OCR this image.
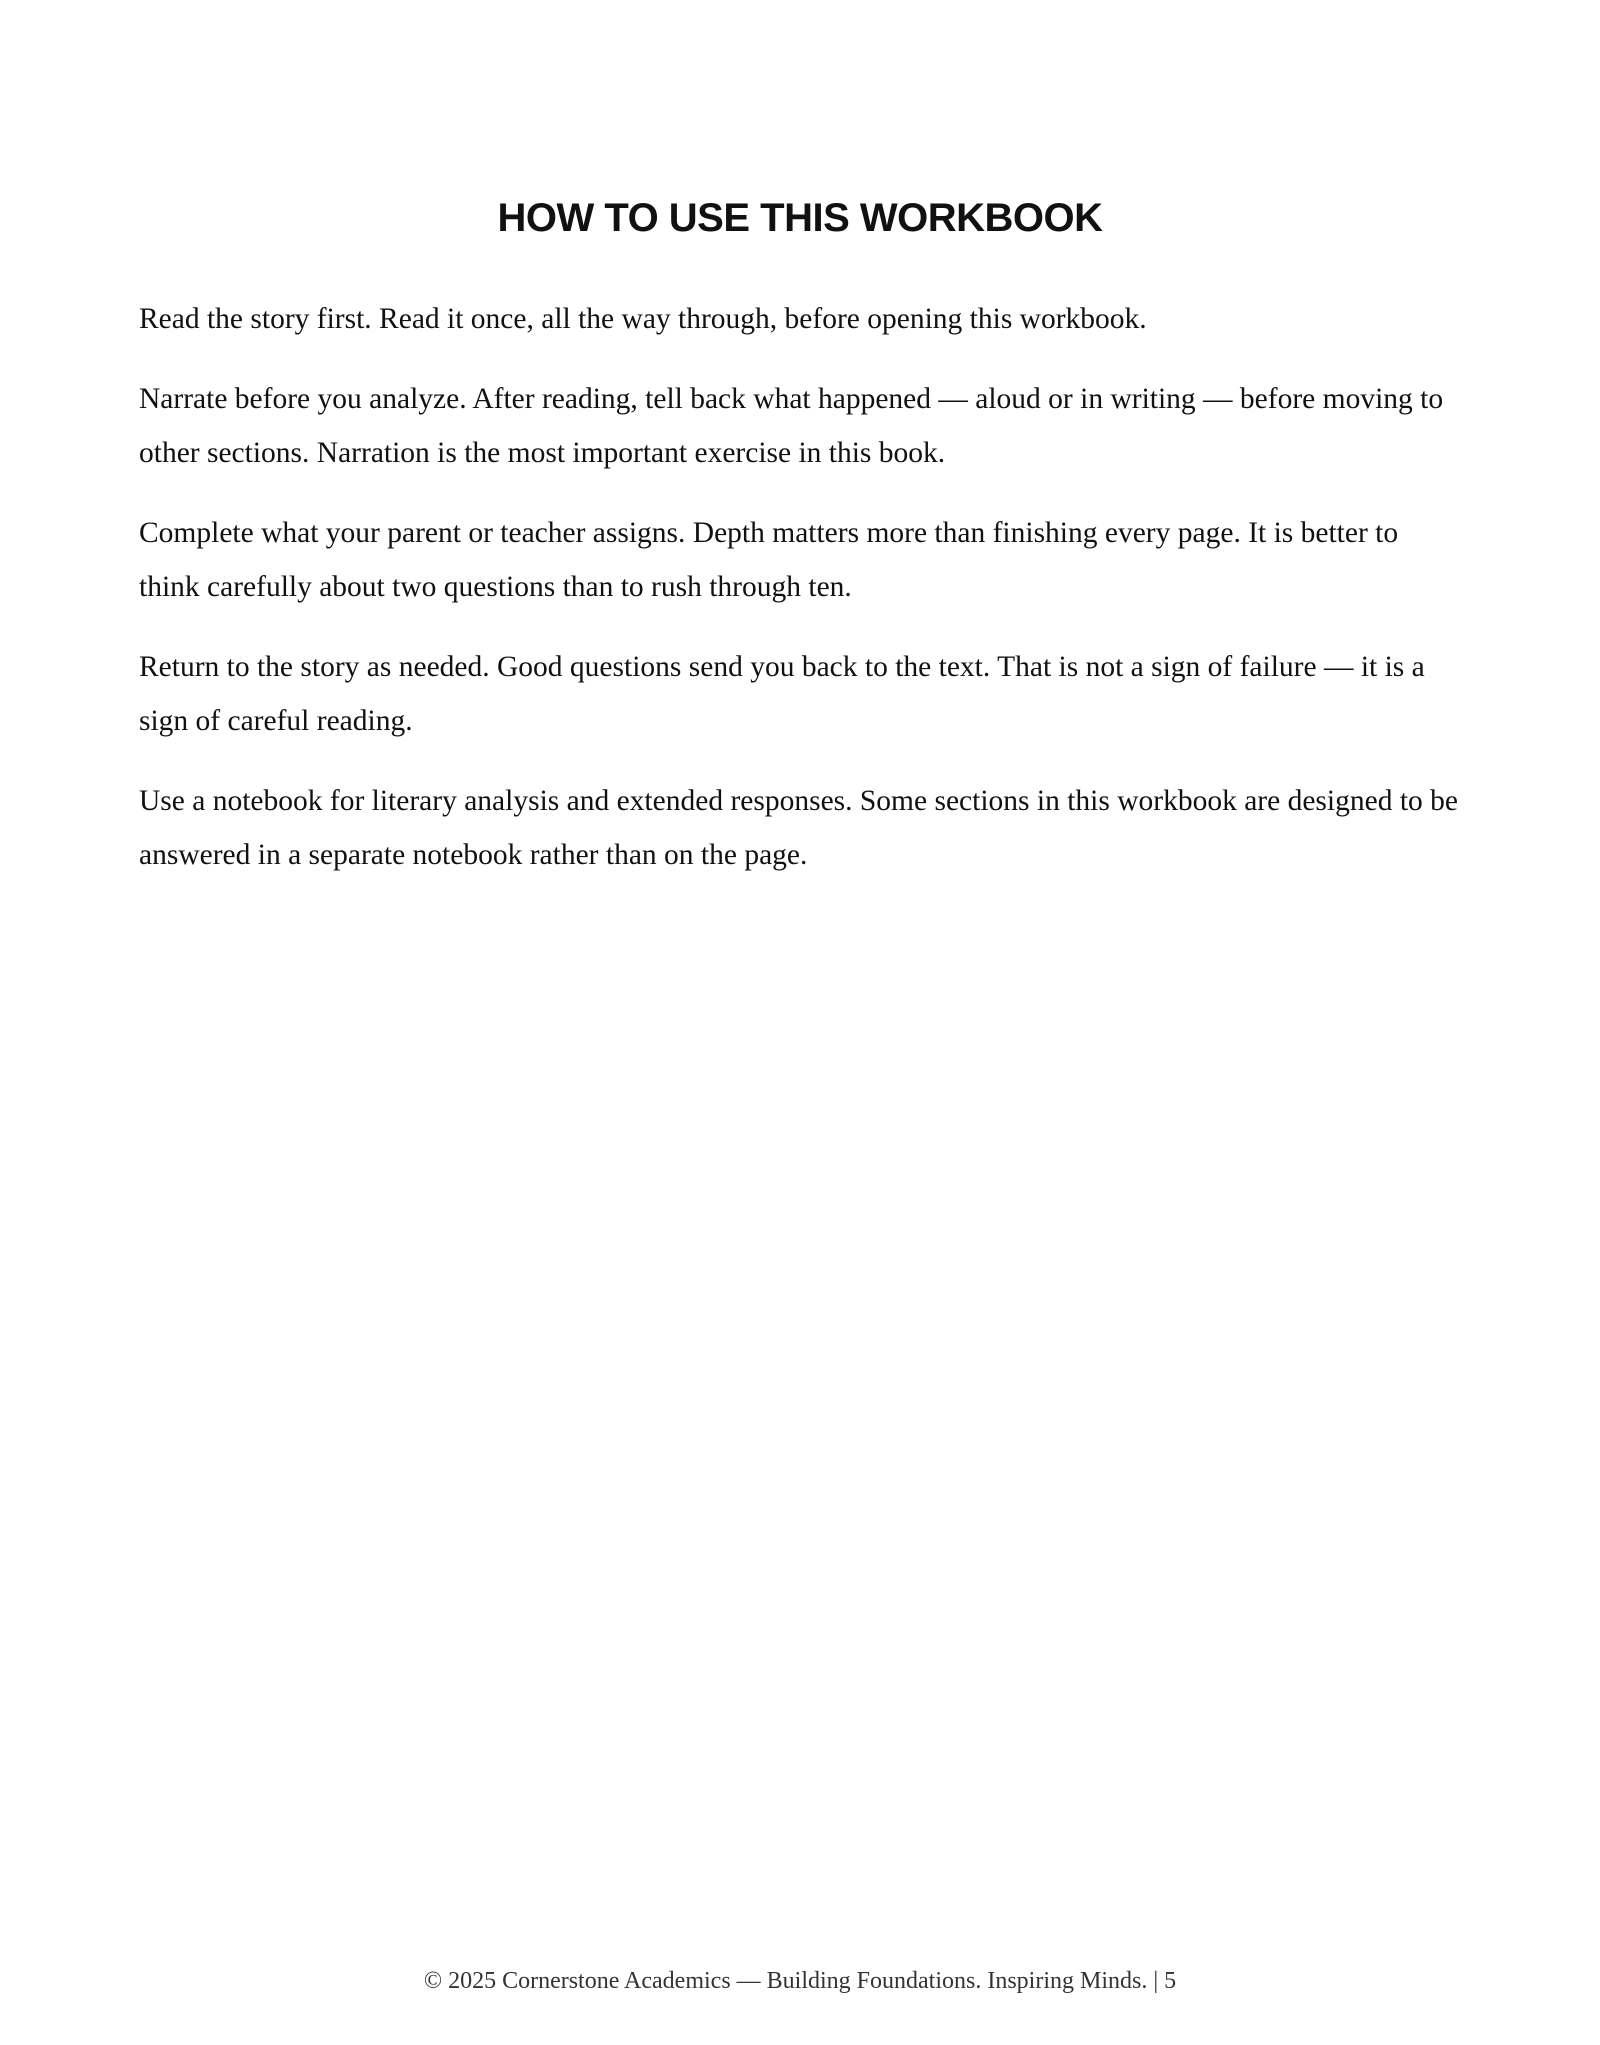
HOW TO USE THIS WORKBOOK

Read the story first. Read it once, all the way through, before opening this workbook.

Narrate before you analyze. After reading, tell back what happened — aloud or in writing — before moving to other sections. Narration is the most important exercise in this book.

Complete what your parent or teacher assigns. Depth matters more than finishing every page. It is better to think carefully about two questions than to rush through ten.

Return to the story as needed. Good questions send you back to the text. That is not a sign of failure — it is a sign of careful reading.

Use a notebook for literary analysis and extended responses. Some sections in this workbook are designed to be answered in a separate notebook rather than on the page.

© 2025 Cornerstone Academics — Building Foundations. Inspiring Minds. | 5
